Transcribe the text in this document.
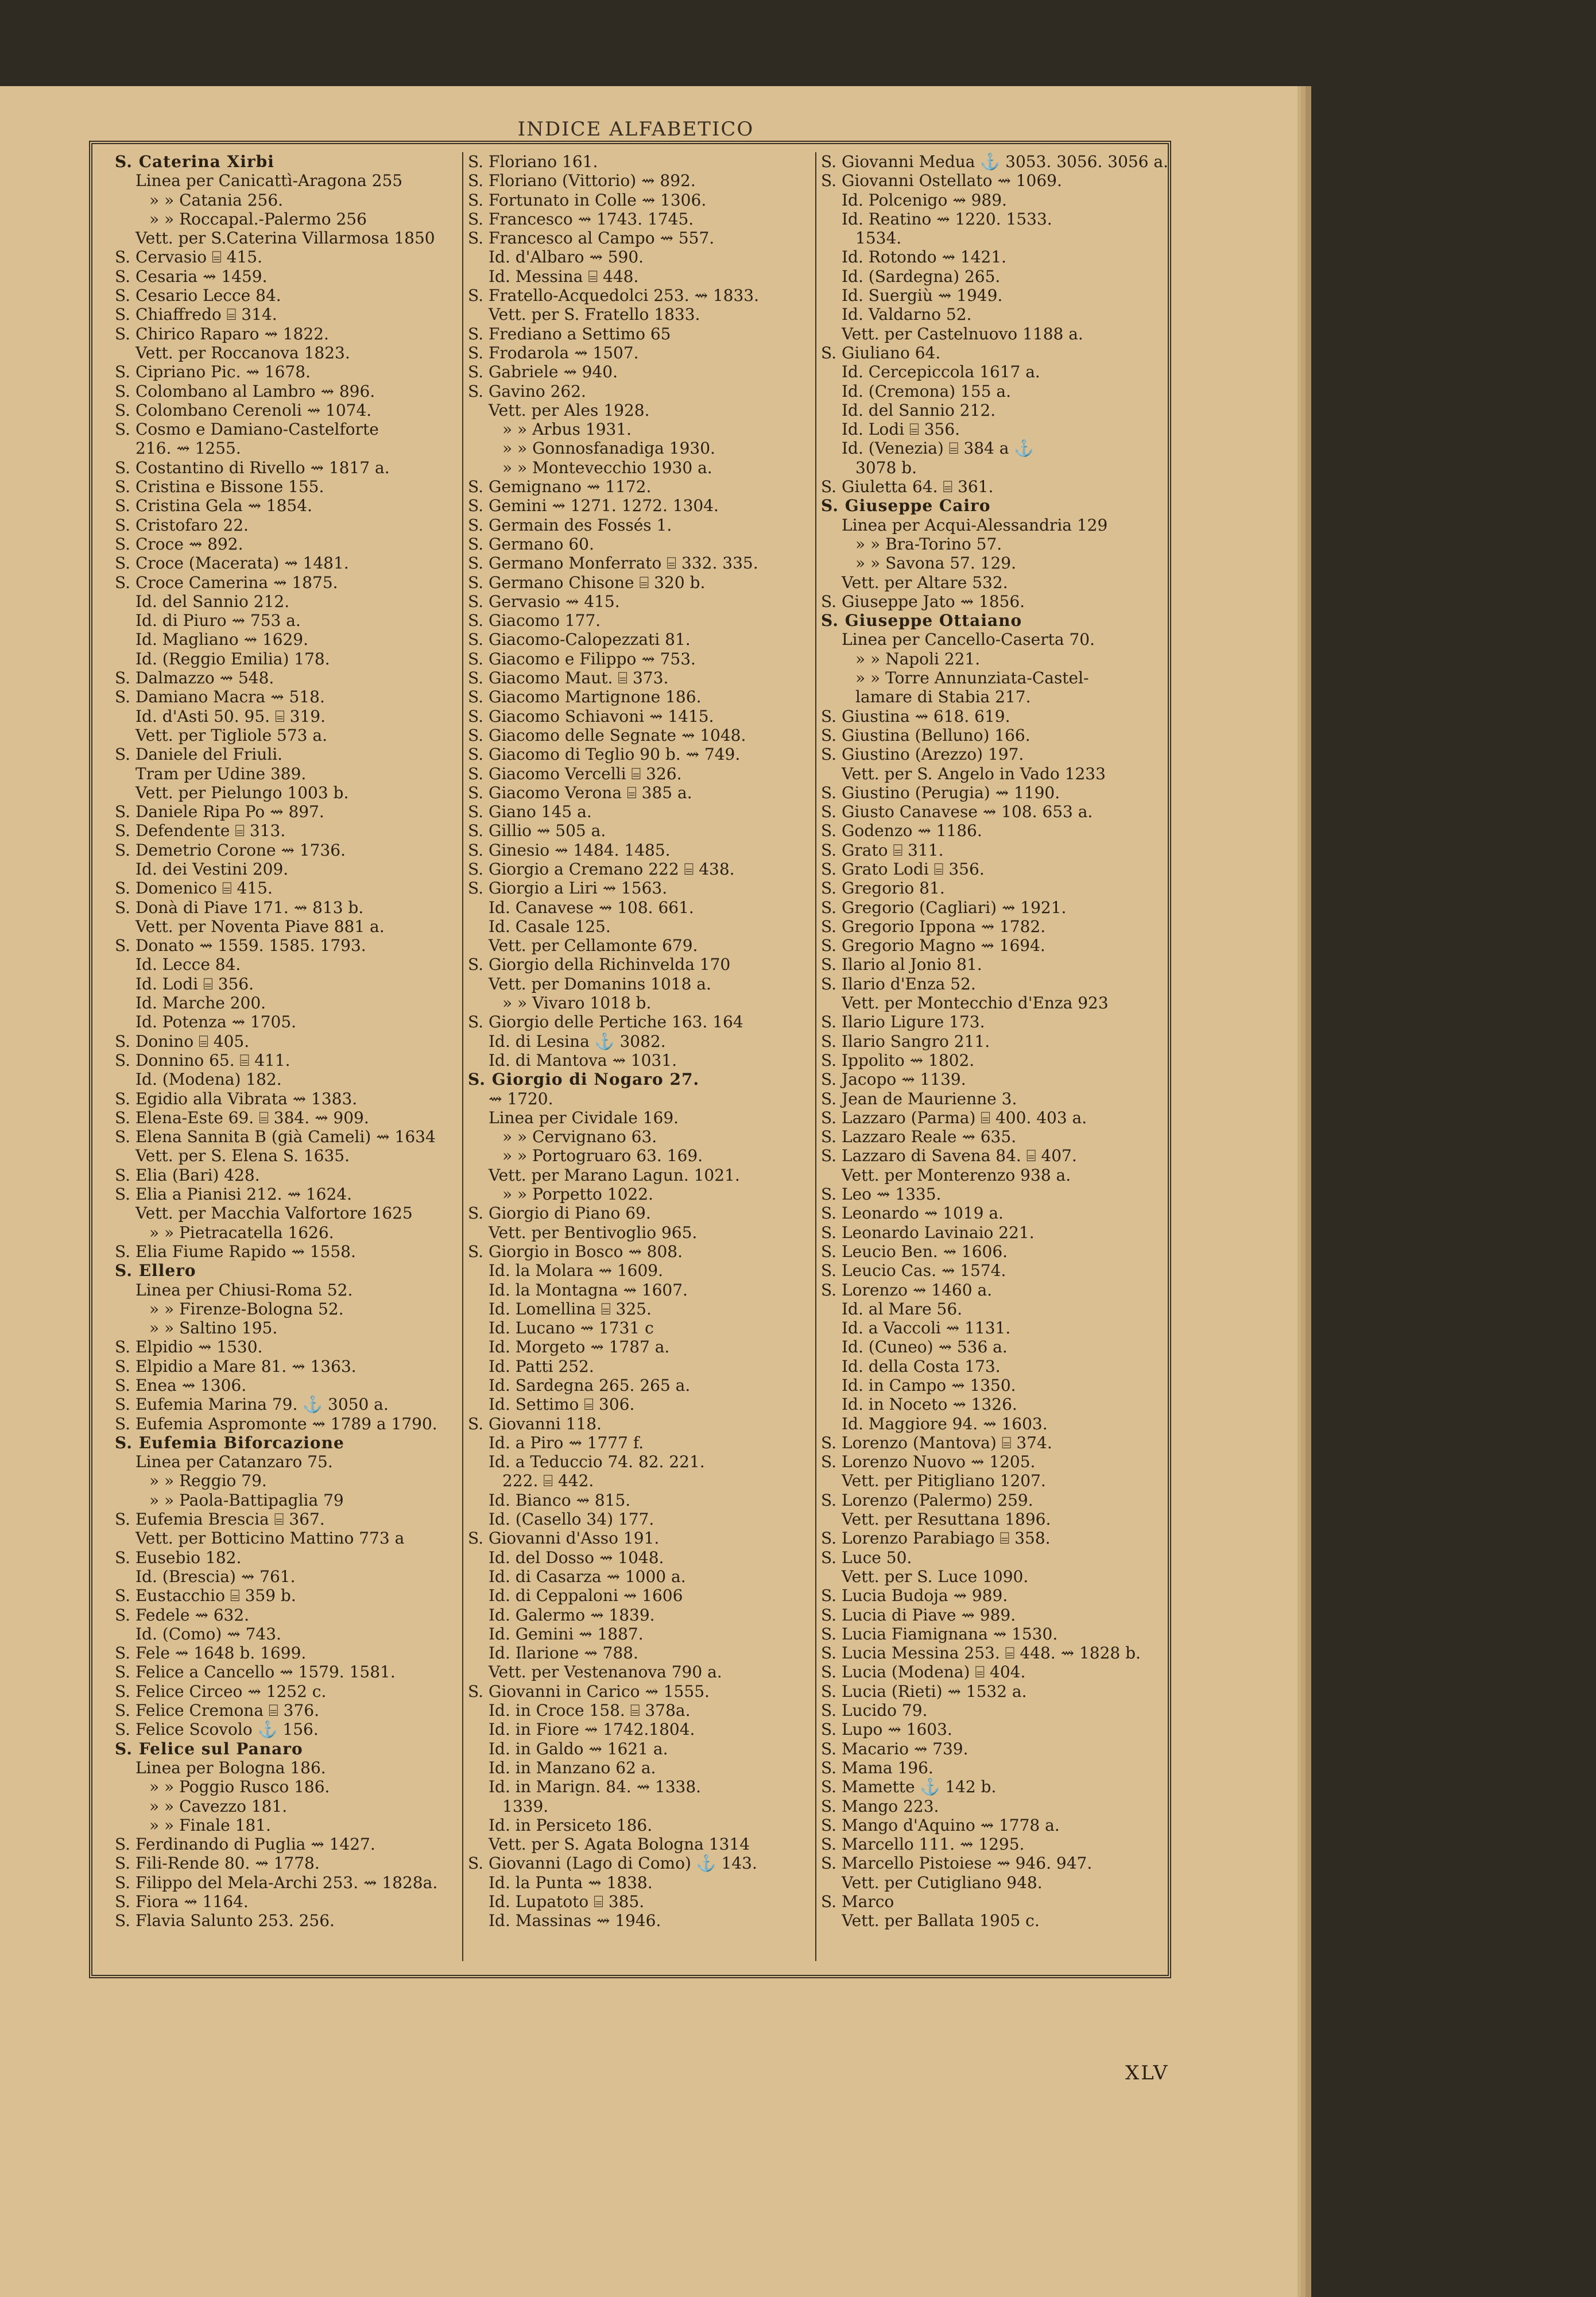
INDICE ALFABETICO
S. Caterina Xirbi
Linea per Canicattì-Aragona 255
» » Catania 256.
» » Roccapal.-Palermo 256
Vett. per S.Caterina Villarmosa 1850
S. Cervasio ⌸ 415.
S. Cesaria ⇝ 1459.
S. Cesario Lecce 84.
S. Chiaffredo ⌸ 314.
S. Chirico Raparo ⇝ 1822.
Vett. per Roccanova 1823.
S. Cipriano Pic. ⇝ 1678.
S. Colombano al Lambro ⇝ 896.
S. Colombano Cerenoli ⇝ 1074.
S. Cosmo e Damiano-Castelforte
216. ⇝ 1255.
S. Costantino di Rivello ⇝ 1817 a.
S. Cristina e Bissone 155.
S. Cristina Gela ⇝ 1854.
S. Cristofaro 22.
S. Croce ⇝ 892.
S. Croce (Macerata) ⇝ 1481.
S. Croce Camerina ⇝ 1875.
Id. del Sannio 212.
Id. di Piuro ⇝ 753 a.
Id. Magliano ⇝ 1629.
Id. (Reggio Emilia) 178.
S. Dalmazzo ⇝ 548.
S. Damiano Macra ⇝ 518.
Id. d'Asti 50. 95. ⌸ 319.
Vett. per Tigliole 573 a.
S. Daniele del Friuli.
Tram per Udine 389.
Vett. per Pielungo 1003 b.
S. Daniele Ripa Po ⇝ 897.
S. Defendente ⌸ 313.
S. Demetrio Corone ⇝ 1736.
Id. dei Vestini 209.
S. Domenico ⌸ 415.
S. Donà di Piave 171. ⇝ 813 b.
Vett. per Noventa Piave 881 a.
S. Donato ⇝ 1559. 1585. 1793.
Id. Lecce 84.
Id. Lodi ⌸ 356.
Id. Marche 200.
Id. Potenza ⇝ 1705.
S. Donino ⌸ 405.
S. Donnino 65. ⌸ 411.
Id. (Modena) 182.
S. Egidio alla Vibrata ⇝ 1383.
S. Elena-Este 69. ⌸ 384. ⇝ 909.
S. Elena Sannita B (già Cameli) ⇝ 1634
Vett. per S. Elena S. 1635.
S. Elia (Bari) 428.
S. Elia a Pianisi 212. ⇝ 1624.
Vett. per Macchia Valfortore 1625
» » Pietracatella 1626.
S. Elia Fiume Rapido ⇝ 1558.
S. Ellero
Linea per Chiusi-Roma 52.
» » Firenze-Bologna 52.
» » Saltino 195.
S. Elpidio ⇝ 1530.
S. Elpidio a Mare 81. ⇝ 1363.
S. Enea ⇝ 1306.
S. Eufemia Marina 79. ⚓ 3050 a.
S. Eufemia Aspromonte ⇝ 1789 a 1790.
S. Eufemia Biforcazione
Linea per Catanzaro 75.
» » Reggio 79.
» » Paola-Battipaglia 79
S. Eufemia Brescia ⌸ 367.
Vett. per Botticino Mattino 773 a
S. Eusebio 182.
Id. (Brescia) ⇝ 761.
S. Eustacchio ⌸ 359 b.
S. Fedele ⇝ 632.
Id. (Como) ⇝ 743.
S. Fele ⇝ 1648 b. 1699.
S. Felice a Cancello ⇝ 1579. 1581.
S. Felice Circeo ⇝ 1252 c.
S. Felice Cremona ⌸ 376.
S. Felice Scovolo ⚓ 156.
S. Felice sul Panaro
Linea per Bologna 186.
» » Poggio Rusco 186.
» » Cavezzo 181.
» » Finale 181.
S. Ferdinando di Puglia ⇝ 1427.
S. Fili-Rende 80. ⇝ 1778.
S. Filippo del Mela-Archi 253. ⇝ 1828a.
S. Fiora ⇝ 1164.
S. Flavia Salunto 253. 256.
S. Floriano 161.
S. Floriano (Vittorio) ⇝ 892.
S. Fortunato in Colle ⇝ 1306.
S. Francesco ⇝ 1743. 1745.
S. Francesco al Campo ⇝ 557.
Id. d'Albaro ⇝ 590.
Id. Messina ⌸ 448.
S. Fratello-Acquedolci 253. ⇝ 1833.
Vett. per S. Fratello 1833.
S. Frediano a Settimo 65
S. Frodarola ⇝ 1507.
S. Gabriele ⇝ 940.
S. Gavino 262.
Vett. per Ales 1928.
» » Arbus 1931.
» » Gonnosfanadiga 1930.
» » Montevecchio 1930 a.
S. Gemignano ⇝ 1172.
S. Gemini ⇝ 1271. 1272. 1304.
S. Germain des Fossés 1.
S. Germano 60.
S. Germano Monferrato ⌸ 332. 335.
S. Germano Chisone ⌸ 320 b.
S. Gervasio ⇝ 415.
S. Giacomo 177.
S. Giacomo-Calopezzati 81.
S. Giacomo e Filippo ⇝ 753.
S. Giacomo Maut. ⌸ 373.
S. Giacomo Martignone 186.
S. Giacomo Schiavoni ⇝ 1415.
S. Giacomo delle Segnate ⇝ 1048.
S. Giacomo di Teglio 90 b. ⇝ 749.
S. Giacomo Vercelli ⌸ 326.
S. Giacomo Verona ⌸ 385 a.
S. Giano 145 a.
S. Gillio ⇝ 505 a.
S. Ginesio ⇝ 1484. 1485.
S. Giorgio a Cremano 222 ⌸ 438.
S. Giorgio a Liri ⇝ 1563.
Id. Canavese ⇝ 108. 661.
Id. Casale 125.
Vett. per Cellamonte 679.
S. Giorgio della Richinvelda 170
Vett. per Domanins 1018 a.
» » Vivaro 1018 b.
S. Giorgio delle Pertiche 163. 164
Id. di Lesina ⚓ 3082.
Id. di Mantova ⇝ 1031.
S. Giorgio di Nogaro 27.
⇝ 1720.
Linea per Cividale 169.
» » Cervignano 63.
» » Portogruaro 63. 169.
Vett. per Marano Lagun. 1021.
» » Porpetto 1022.
S. Giorgio di Piano 69.
Vett. per Bentivoglio 965.
S. Giorgio in Bosco ⇝ 808.
Id. la Molara ⇝ 1609.
Id. la Montagna ⇝ 1607.
Id. Lomellina ⌸ 325.
Id. Lucano ⇝ 1731 c
Id. Morgeto ⇝ 1787 a.
Id. Patti 252.
Id. Sardegna 265. 265 a.
Id. Settimo ⌸ 306.
S. Giovanni 118.
Id. a Piro ⇝ 1777 f.
Id. a Teduccio 74. 82. 221.
222. ⌸ 442.
Id. Bianco ⇝ 815.
Id. (Casello 34) 177.
S. Giovanni d'Asso 191.
Id. del Dosso ⇝ 1048.
Id. di Casarza ⇝ 1000 a.
Id. di Ceppaloni ⇝ 1606
Id. Galermo ⇝ 1839.
Id. Gemini ⇝ 1887.
Id. Ilarione ⇝ 788.
Vett. per Vestenanova 790 a.
S. Giovanni in Carico ⇝ 1555.
Id. in Croce 158. ⌸ 378a.
Id. in Fiore ⇝ 1742.1804.
Id. in Galdo ⇝ 1621 a.
Id. in Manzano 62 a.
Id. in Marign. 84. ⇝ 1338.
1339.
Id. in Persiceto 186.
Vett. per S. Agata Bologna 1314
S. Giovanni (Lago di Como) ⚓ 143.
Id. la Punta ⇝ 1838.
Id. Lupatoto ⌸ 385.
Id. Massinas ⇝ 1946.
S. Giovanni Medua ⚓ 3053. 3056. 3056 a.
S. Giovanni Ostellato ⇝ 1069.
Id. Polcenigo ⇝ 989.
Id. Reatino ⇝ 1220. 1533.
1534.
Id. Rotondo ⇝ 1421.
Id. (Sardegna) 265.
Id. Suergiù ⇝ 1949.
Id. Valdarno 52.
Vett. per Castelnuovo 1188 a.
S. Giuliano 64.
Id. Cercepiccola 1617 a.
Id. (Cremona) 155 a.
Id. del Sannio 212.
Id. Lodi ⌸ 356.
Id. (Venezia) ⌸ 384 a ⚓
3078 b.
S. Giuletta 64. ⌸ 361.
S. Giuseppe Cairo
Linea per Acqui-Alessandria 129
» » Bra-Torino 57.
» » Savona 57. 129.
Vett. per Altare 532.
S. Giuseppe Jato ⇝ 1856.
S. Giuseppe Ottaiano
Linea per Cancello-Caserta 70.
» » Napoli 221.
» » Torre Annunziata-Castel-
lamare di Stabia 217.
S. Giustina ⇝ 618. 619.
S. Giustina (Belluno) 166.
S. Giustino (Arezzo) 197.
Vett. per S. Angelo in Vado 1233
S. Giustino (Perugia) ⇝ 1190.
S. Giusto Canavese ⇝ 108. 653 a.
S. Godenzo ⇝ 1186.
S. Grato ⌸ 311.
S. Grato Lodi ⌸ 356.
S. Gregorio 81.
S. Gregorio (Cagliari) ⇝ 1921.
S. Gregorio Ippona ⇝ 1782.
S. Gregorio Magno ⇝ 1694.
S. Ilario al Jonio 81.
S. Ilario d'Enza 52.
Vett. per Montecchio d'Enza 923
S. Ilario Ligure 173.
S. Ilario Sangro 211.
S. Ippolito ⇝ 1802.
S. Jacopo ⇝ 1139.
S. Jean de Maurienne 3.
S. Lazzaro (Parma) ⌸ 400. 403 a.
S. Lazzaro Reale ⇝ 635.
S. Lazzaro di Savena 84. ⌸ 407.
Vett. per Monterenzo 938 a.
S. Leo ⇝ 1335.
S. Leonardo ⇝ 1019 a.
S. Leonardo Lavinaio 221.
S. Leucio Ben. ⇝ 1606.
S. Leucio Cas. ⇝ 1574.
S. Lorenzo ⇝ 1460 a.
Id. al Mare 56.
Id. a Vaccoli ⇝ 1131.
Id. (Cuneo) ⇝ 536 a.
Id. della Costa 173.
Id. in Campo ⇝ 1350.
Id. in Noceto ⇝ 1326.
Id. Maggiore 94. ⇝ 1603.
S. Lorenzo (Mantova) ⌸ 374.
S. Lorenzo Nuovo ⇝ 1205.
Vett. per Pitigliano 1207.
S. Lorenzo (Palermo) 259.
Vett. per Resuttana 1896.
S. Lorenzo Parabiago ⌸ 358.
S. Luce 50.
Vett. per S. Luce 1090.
S. Lucia Budoja ⇝ 989.
S. Lucia di Piave ⇝ 989.
S. Lucia Fiamignana ⇝ 1530.
S. Lucia Messina 253. ⌸ 448. ⇝ 1828 b.
S. Lucia (Modena) ⌸ 404.
S. Lucia (Rieti) ⇝ 1532 a.
S. Lucido 79.
S. Lupo ⇝ 1603.
S. Macario ⇝ 739.
S. Mama 196.
S. Mamette ⚓ 142 b.
S. Mango 223.
S. Mango d'Aquino ⇝ 1778 a.
S. Marcello 111. ⇝ 1295.
S. Marcello Pistoiese ⇝ 946. 947.
Vett. per Cutigliano 948.
S. Marco
Vett. per Ballata 1905 c.
XLV
